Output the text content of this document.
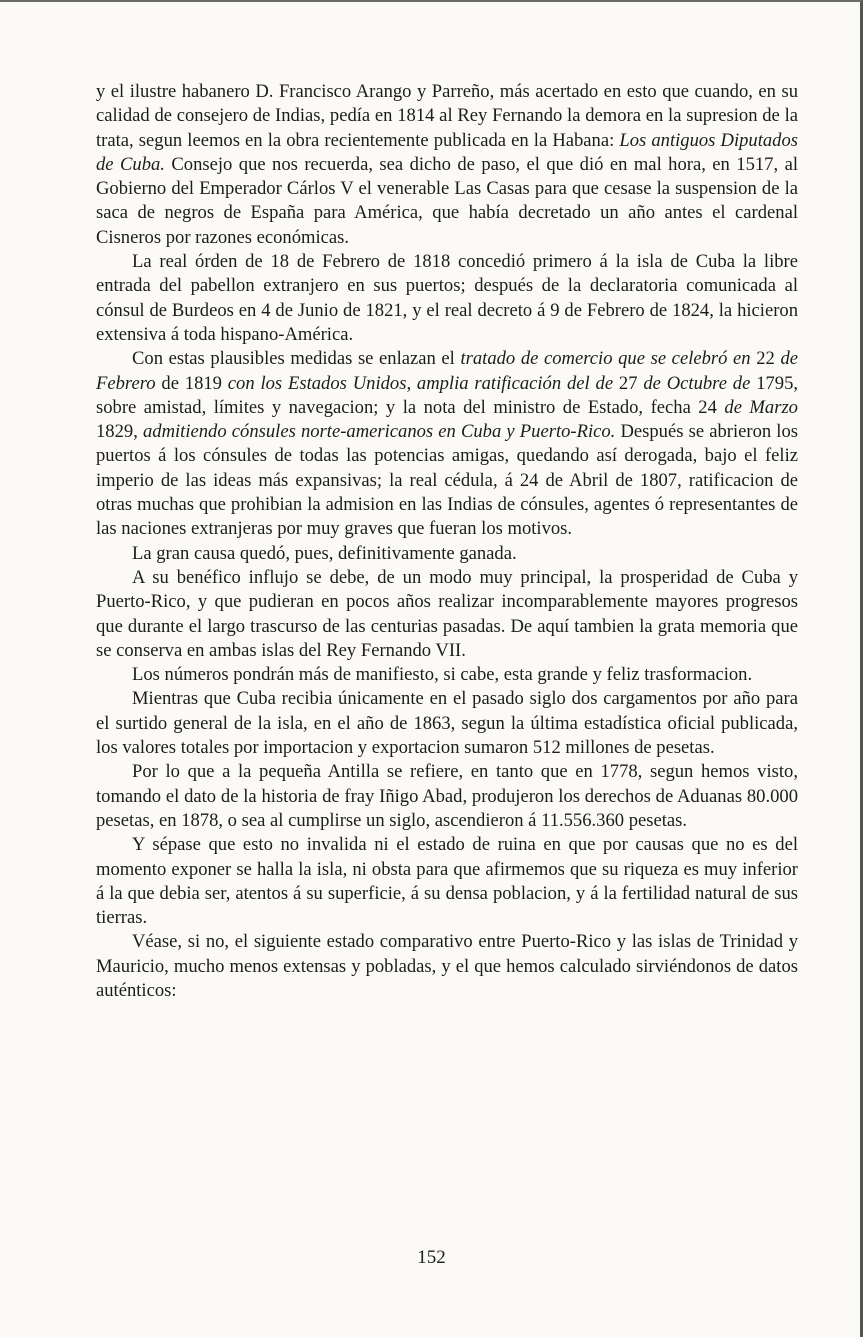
y el ilustre habanero D. Francisco Arango y Parreño, más acertado en esto que cuando, en su calidad de consejero de Indias, pedía en 1814 al Rey Fernando la demora en la supresion de la trata, segun leemos en la obra recientemente publicada en la Habana: Los antiguos Diputados de Cuba. Consejo que nos recuerda, sea dicho de paso, el que dió en mal hora, en 1517, al Gobierno del Emperador Cárlos V el venerable Las Casas para que cesase la suspension de la saca de negros de España para América, que había decretado un año antes el cardenal Cisneros por razones económicas.

La real órden de 18 de Febrero de 1818 concedió primero á la isla de Cuba la libre entrada del pabellon extranjero en sus puertos; después de la declaratoria comunicada al cónsul de Burdeos en 4 de Junio de 1821, y el real decreto á 9 de Febrero de 1824, la hicieron extensiva á toda hispano-América.

Con estas plausibles medidas se enlazan el tratado de comercio que se celebró en 22 de Febrero de 1819 con los Estados Unidos, amplia ratificación del de 27 de Octubre de 1795, sobre amistad, límites y navegacion; y la nota del ministro de Estado, fecha 24 de Marzo 1829, admitiendo cónsules norte-americanos en Cuba y Puerto-Rico. Después se abrieron los puertos á los cónsules de todas las potencias amigas, quedando así derogada, bajo el feliz imperio de las ideas más expansivas; la real cédula, á 24 de Abril de 1807, ratificacion de otras muchas que prohibian la admision en las Indias de cónsules, agentes ó representantes de las naciones extranjeras por muy graves que fueran los motivos.

La gran causa quedó, pues, definitivamente ganada.

A su benéfico influjo se debe, de un modo muy principal, la prosperidad de Cuba y Puerto-Rico, y que pudieran en pocos años realizar incomparablemente mayores progresos que durante el largo trascurso de las centurias pasadas. De aquí tambien la grata memoria que se conserva en ambas islas del Rey Fernando VII.

Los números pondrán más de manifiesto, si cabe, esta grande y feliz trasformacion.

Mientras que Cuba recibia únicamente en el pasado siglo dos cargamentos por año para el surtido general de la isla, en el año de 1863, segun la última estadística oficial publicada, los valores totales por importacion y exportacion sumaron 512 millones de pesetas.

Por lo que a la pequeña Antilla se refiere, en tanto que en 1778, segun hemos visto, tomando el dato de la historia de fray Iñigo Abad, produjeron los derechos de Aduanas 80.000 pesetas, en 1878, o sea al cumplirse un siglo, ascendieron á 11.556.360 pesetas.

Y sépase que esto no invalida ni el estado de ruina en que por causas que no es del momento exponer se halla la isla, ni obsta para que afirmemos que su riqueza es muy inferior á la que debia ser, atentos á su superficie, á su densa poblacion, y á la fertilidad natural de sus tierras.

Véase, si no, el siguiente estado comparativo entre Puerto-Rico y las islas de Trinidad y Mauricio, mucho menos extensas y pobladas, y el que hemos calculado sirviéndonos de datos auténticos:

152
